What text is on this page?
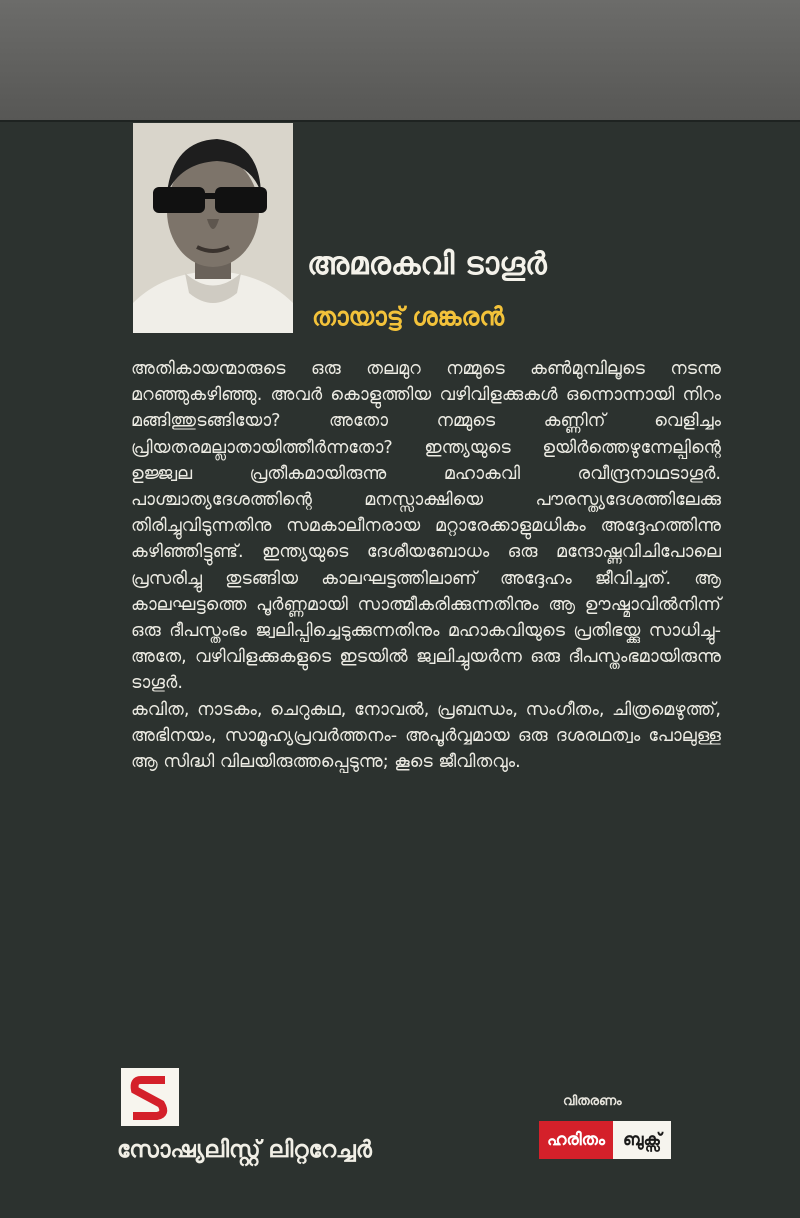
അമരകവി ടാഗൂർ
തായാട്ട് ശങ്കരൻ

അതികായന്മാരുടെ ഒരു തലമുറ നമ്മുടെ കൺമുമ്പിലൂടെ നടന്നു മറഞ്ഞുകഴിഞ്ഞു. അവർ കൊളുത്തിയ വഴിവിളക്കുകൾ ഒന്നൊന്നായി നിറം മങ്ങിത്തുടങ്ങിയോ? അതോ നമ്മുടെ കണ്ണിന് വെളിച്ചം പ്രിയതരമല്ലാതായിത്തീർന്നതോ? ഇന്ത്യയുടെ ഉയിർത്തെഴുന്നേല്പിന്റെ ഉജ്ജ്വല പ്രതീകമായിരുന്നു മഹാകവി രവീന്ദ്രനാഥടാഗൂർ. പാശ്ചാത്യദേശത്തിന്റെ മനസ്സാക്ഷിയെ പൗരസ്ത്യദേശത്തിലേക്കു തിരിച്ചുവിടുന്നതിനു സമകാലീനരായ മറ്റാരേക്കാളുമധികം അദ്ദേഹത്തിന്നു കഴിഞ്ഞിട്ടുണ്ട്. ഇന്ത്യയുടെ ദേശീയബോധം ഒരു മന്ദോഷ്ണവിചിപോലെ പ്രസരിച്ചു തുടങ്ങിയ കാലഘട്ടത്തിലാണ് അദ്ദേഹം ജീവിച്ചത്. ആ കാലഘട്ടത്തെ പൂർണ്ണമായി സാത്മീകരിക്കുന്നതിനും ആ ഊഷ്മാവിൽനിന്ന് ഒരു ദീപസ്തംഭം ജ്വലിപ്പിച്ചെടുക്കുന്നതിനും മഹാകവിയുടെ പ്രതിഭയ്ക്കു സാധിച്ചു- അതേ, വഴിവിളക്കുകളുടെ ഇടയിൽ ജ്വലിച്ചുയർന്ന ഒരു ദീപസ്തംഭമായിരുന്നു ടാഗൂർ.

കവിത, നാടകം, ചെറുകഥ, നോവൽ, പ്രബന്ധം, സംഗീതം, ചിത്രമെഴുത്ത്, അഭിനയം, സാമൂഹ്യപ്രവർത്തനം- അപൂർവ്വമായ ഒരു ദശരഥത്വം പോലുള്ള ആ സിദ്ധി വിലയിരുത്തപ്പെടുന്നു; കൂടെ ജീവിതവും.

സോഷ്യലിസ്റ്റ് ലിറ്ററേച്ചർ
വിതരണം
ഹരിതം	ബുക്സ്
